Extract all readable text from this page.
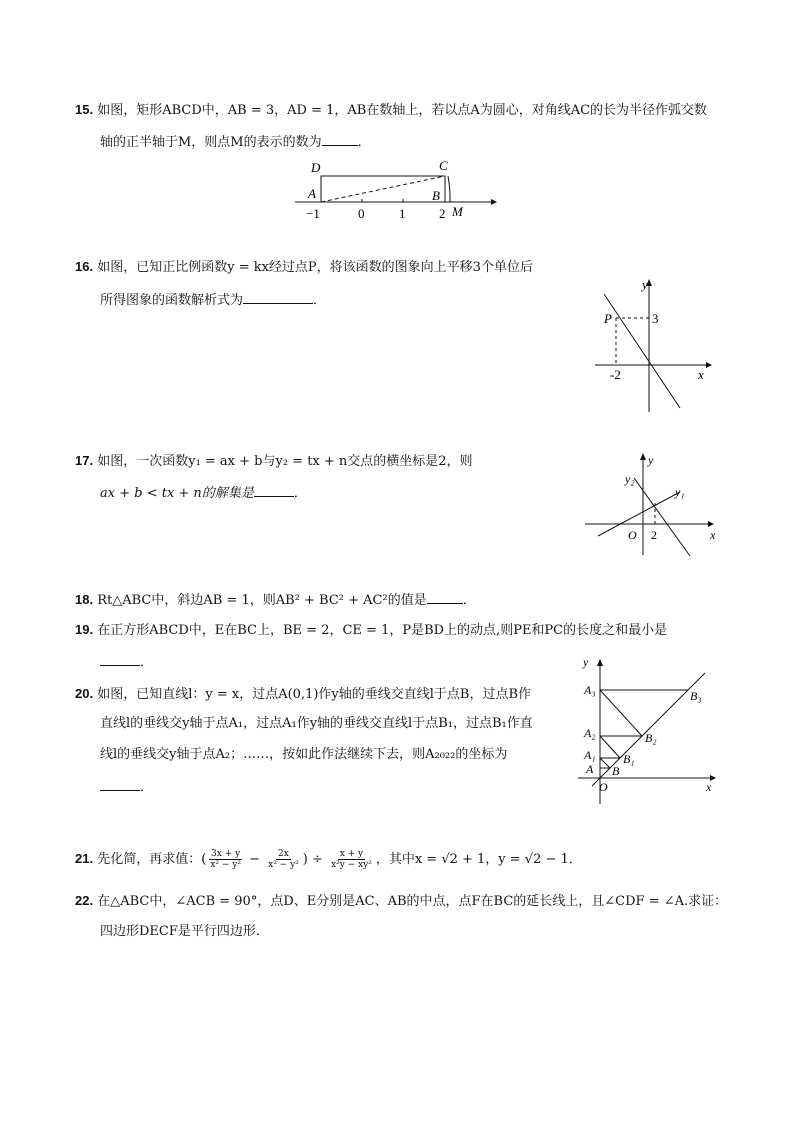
15. 如图，矩形ABCD中，AB = 3，AD = 1，AB在数轴上，若以点A为圆心，对角线AC的长为半径作弧交数
轴的正半轴于M，则点M的表示的数为	．
D	C
A	B
M
−1	0	1	2
16. 如图，已知正比例函数y = kx经过点P，将该函数的图象向上平移3个单位后
所得图象的函数解析式为	．
y
x
P	3
-2
17. 如图，一次函数y₁ = ax + b与y₂ = tx + n交点的横坐标是2，则
ax + b < tx + n的解集是	．
y
x
O 2
y₁
y₂
18. Rt△ABC中，斜边AB = 1，则AB² + BC² + AC²的值是	．
19. 在正方形ABCD中，E在BC上，BE = 2，CE = 1，P是BD上的动点,则PE和PC的长度之和最小是
．
20. 如图，已知直线l：y = x，过点A(0,1)作y轴的垂线交直线l于点B，过点B作
直线l的垂线交y轴于点A₁，过点A₁作y轴的垂线交直线l于点B₁，过点B₁作直
线l的垂线交y轴于点A₂；……，按如此作法继续下去，则A₂₀₂₂的坐标为
．
y
x
O
A B
A₁ B₁
A₂	B₂
A₃	B₃
21. 先化简，再求值：( $\frac{3x + y}{\text{x² − y²}} - \frac{2x}{\text{x² − y²}}$ ) ÷ $\frac{x + y}{\text{x²y − xy²}}$ ，其中x = √2 + 1，y = √2 − 1．
22. 在△ABC中，∠ACB = 90°，点D、E分别是AC、AB的中点，点F在BC的延长线上，且∠CDF = ∠A.求证：
四边形DECF是平行四边形．
